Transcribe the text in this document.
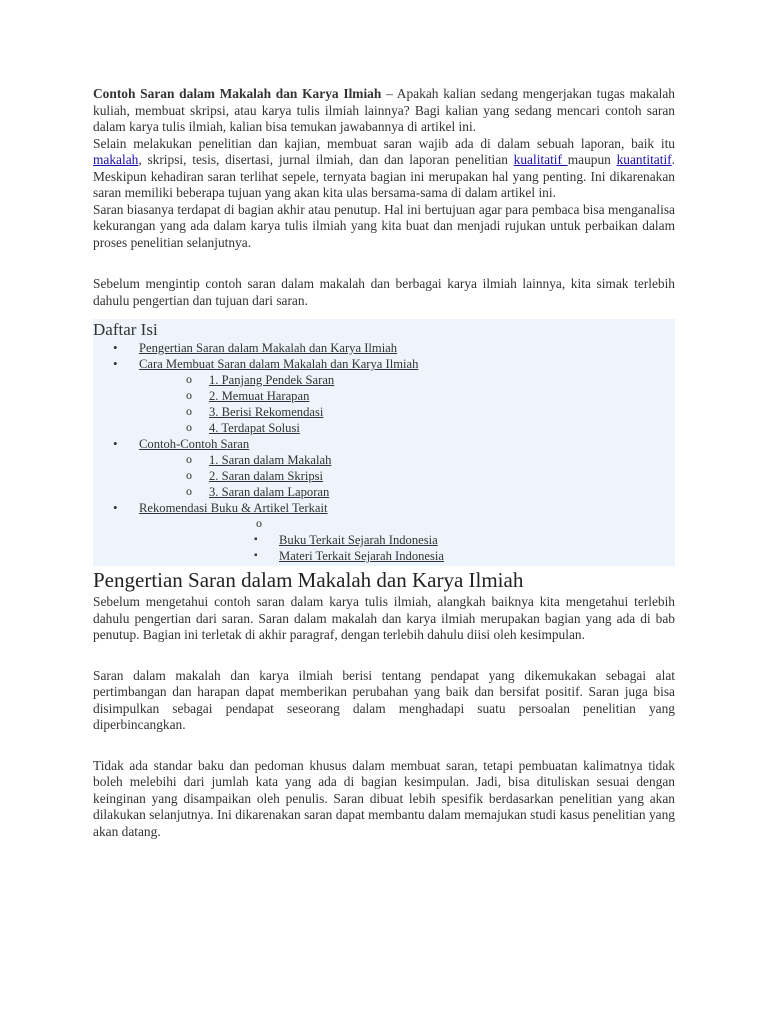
Contoh Saran dalam Makalah dan Karya Ilmiah – Apakah kalian sedang mengerjakan tugas makalah kuliah, membuat skripsi, atau karya tulis ilmiah lainnya? Bagi kalian yang sedang mencari contoh saran dalam karya tulis ilmiah, kalian bisa temukan jawabannya di artikel ini.

Selain melakukan penelitian dan kajian, membuat saran wajib ada di dalam sebuah laporan, baik itu makalah, skripsi, tesis, disertasi, jurnal ilmiah, dan dan laporan penelitian kualitatif maupun kuantitatif. Meskipun kehadiran saran terlihat sepele, ternyata bagian ini merupakan hal yang penting. Ini dikarenakan saran memiliki beberapa tujuan yang akan kita ulas bersama-sama di dalam artikel ini.

Saran biasanya terdapat di bagian akhir atau penutup. Hal ini bertujuan agar para pembaca bisa menganalisa kekurangan yang ada dalam karya tulis ilmiah yang kita buat dan menjadi rujukan untuk perbaikan dalam proses penelitian selanjutnya.

Sebelum mengintip contoh saran dalam makalah dan berbagai karya ilmiah lainnya, kita simak terlebih dahulu pengertian dan tujuan dari saran.

Daftar Isi
• Pengertian Saran dalam Makalah dan Karya Ilmiah
• Cara Membuat Saran dalam Makalah dan Karya Ilmiah
o 1. Panjang Pendek Saran
o 2. Memuat Harapan
o 3. Berisi Rekomendasi
o 4. Terdapat Solusi
• Contoh-Contoh Saran
o 1. Saran dalam Makalah
o 2. Saran dalam Skripsi
o 3. Saran dalam Laporan
• Rekomendasi Buku & Artikel Terkait
o
▪ Buku Terkait Sejarah Indonesia
▪ Materi Terkait Sejarah Indonesia
Pengertian Saran dalam Makalah dan Karya Ilmiah

Sebelum mengetahui contoh saran dalam karya tulis ilmiah, alangkah baiknya kita mengetahui terlebih dahulu pengertian dari saran. Saran dalam makalah dan karya ilmiah merupakan bagian yang ada di bab penutup. Bagian ini terletak di akhir paragraf, dengan terlebih dahulu diisi oleh kesimpulan.

Saran dalam makalah dan karya ilmiah berisi tentang pendapat yang dikemukakan sebagai alat pertimbangan dan harapan dapat memberikan perubahan yang baik dan bersifat positif. Saran juga bisa disimpulkan sebagai pendapat seseorang dalam menghadapi suatu persoalan penelitian yang diperbincangkan.

Tidak ada standar baku dan pedoman khusus dalam membuat saran, tetapi pembuatan kalimatnya tidak boleh melebihi dari jumlah kata yang ada di bagian kesimpulan. Jadi, bisa dituliskan sesuai dengan keinginan yang disampaikan oleh penulis. Saran dibuat lebih spesifik berdasarkan penelitian yang akan dilakukan selanjutnya. Ini dikarenakan saran dapat membantu dalam memajukan studi kasus penelitian yang akan datang.
